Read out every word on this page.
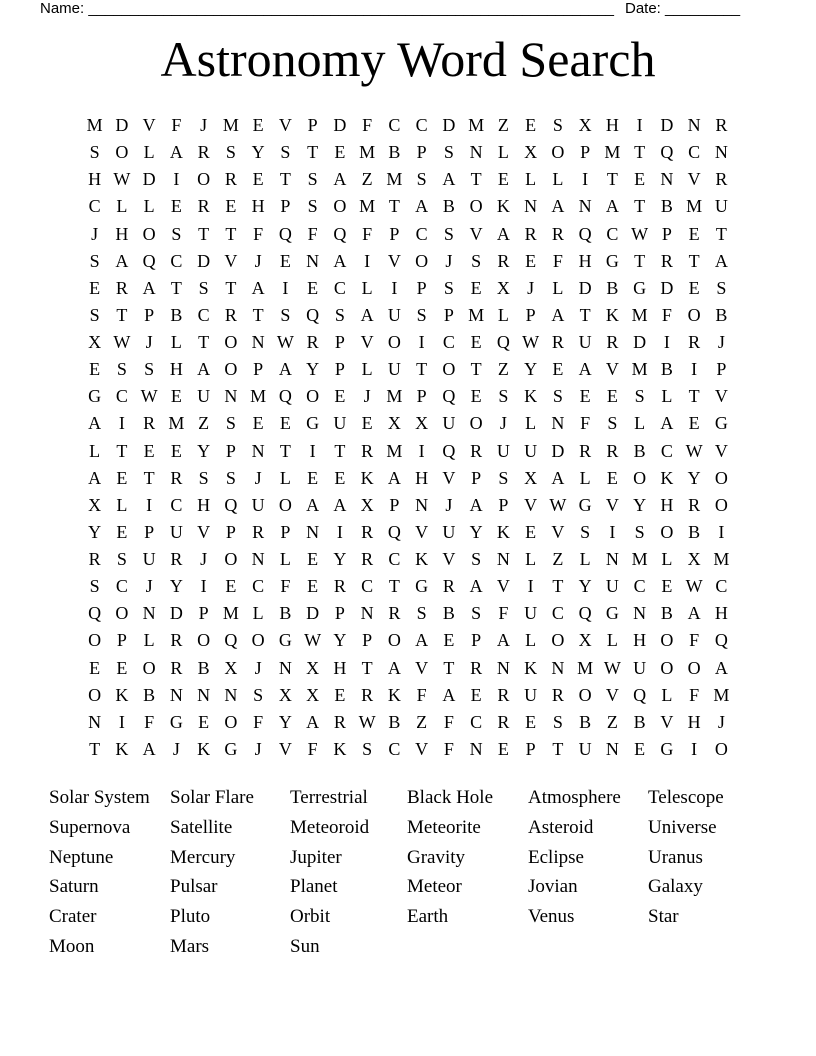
Name: _______________________________________________________________ Date: _________
Astronomy Word Search
M D V F	J M E V P D F C C D M Z E S X H I D N R
S O L A R S Y S T E M B P S N L X O P M T Q C N
H W D I O R E T S A Z M S A T E L L	I	T E N V R
C L L E R E H P S O M T A B O K N A N A T B M U
J H O S T T F Q F Q F P C S V A R R Q C W P E T
S A Q C D V J	E N A I V O J	S R E F H G T R T A
E R A T S T A I	E C L	I	P S E X J	L D B G D E S
S T P B C R T S Q S A U S P M L P A T K M F O B
X W J	L T O N W R P V O I	C E Q W R U R D I	R J
E S S H A O P A Y P L U T O T Z Y E A V M B	I	P
G C W E U N M Q O E	J M P Q E S K S E E S L T V
A I	R M Z S E E G U E X X U O J	L N F S L A E G
L T E E Y P N T	I	T R M I Q R U U D R R B C W V
A E T R S S	J	L E E K A H V P S X A L E O K Y O
X L	I	C H Q U O A A X P N J A P V W G V Y H R O
Y E P U V P R P N I	R Q V U Y K E V S	I	S O B	I
R S U R J O N L E Y R C K V S N L Z L N M L X M
S C J Y I	E C F E R C T G R A V I	T Y U C E W C
Q O N D P M L B D P N R S B S F U C Q G N B A H
O P L R O Q O G W Y P O A E P A L O X L H O F Q
E E O R B X J N X H T A V T R N K N M W U O O A
O K B N N N S X X E R K F A E R U R O V Q L F M
N I	F G E O F Y A R W B Z F C R E S B Z B V H J
T K A J K G J V F K S C V F N E P T U N E G I O
Solar System
Supernova
Neptune
Saturn
Crater
Moon
Solar Flare
Satellite
Mercury
Pulsar
Pluto
Mars
Terrestrial
Meteoroid
Jupiter
Planet
Orbit
Sun
Black Hole
Meteorite
Gravity
Meteor
Earth
Atmosphere
Asteroid
Eclipse
Jovian
Venus
Telescope
Universe
Uranus
Galaxy
Star
